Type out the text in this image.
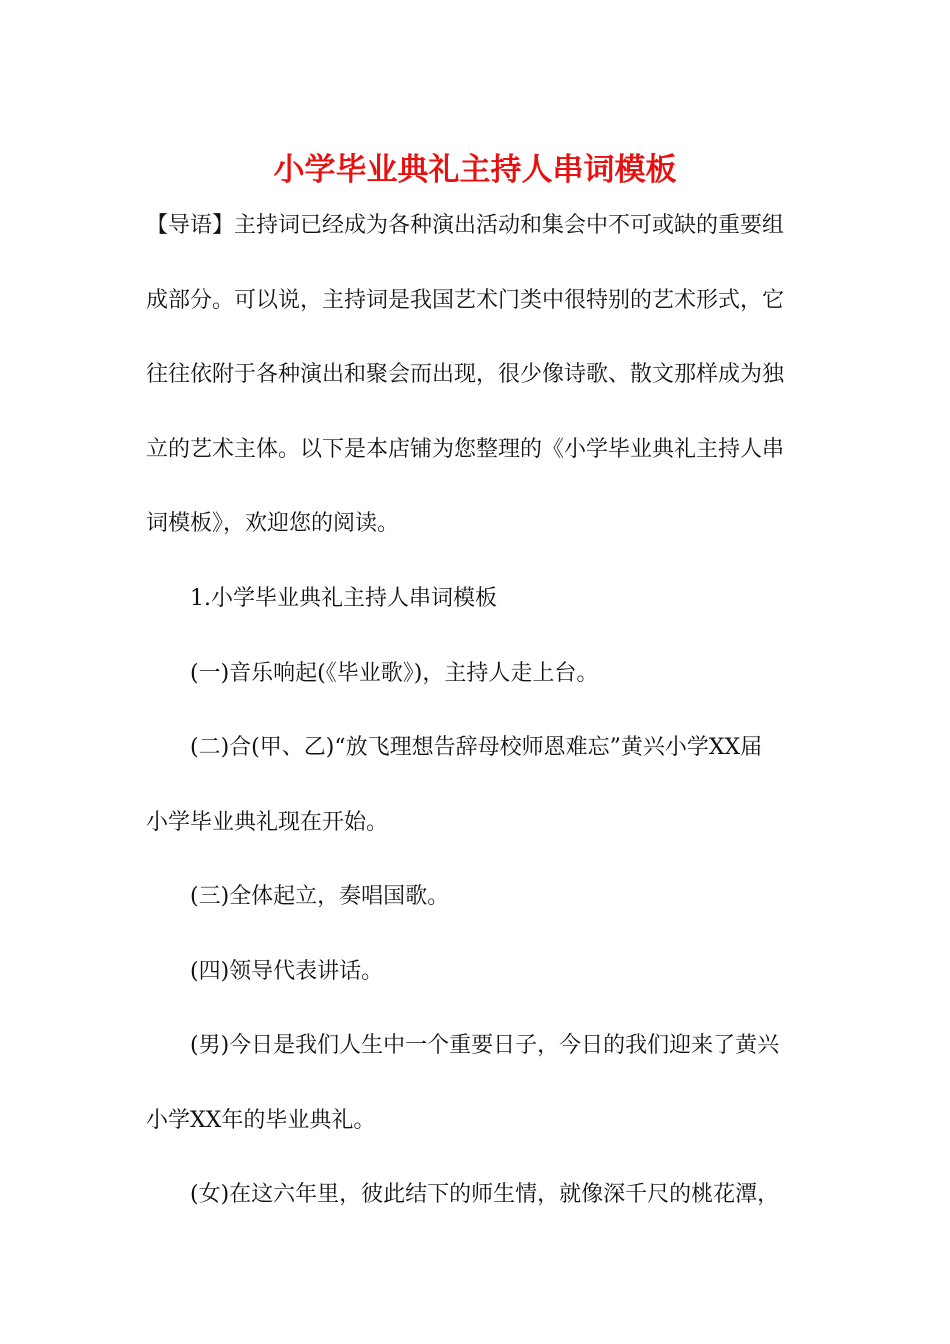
小学毕业典礼主持人串词模板
【导语】主持词已经成为各种演出活动和集会中不可或缺的重要组
成部分。可以说，主持词是我国艺术门类中很特别的艺术形式，它
往往依附于各种演出和聚会而出现，很少像诗歌、散文那样成为独
立的艺术主体。以下是本店铺为您整理的《小学毕业典礼主持人串
词模板》，欢迎您的阅读。
1.小学毕业典礼主持人串词模板
(一)音乐响起(《毕业歌》)，主持人走上台。
(二)合(甲、乙)“放飞理想告辞母校师恩难忘”黄兴小学XX届
小学毕业典礼现在开始。
(三)全体起立，奏唱国歌。
(四)领导代表讲话。
(男)今日是我们人生中一个重要日子，今日的我们迎来了黄兴
小学XX年的毕业典礼。
(女)在这六年里，彼此结下的师生情，就像深千尺的桃花潭，
